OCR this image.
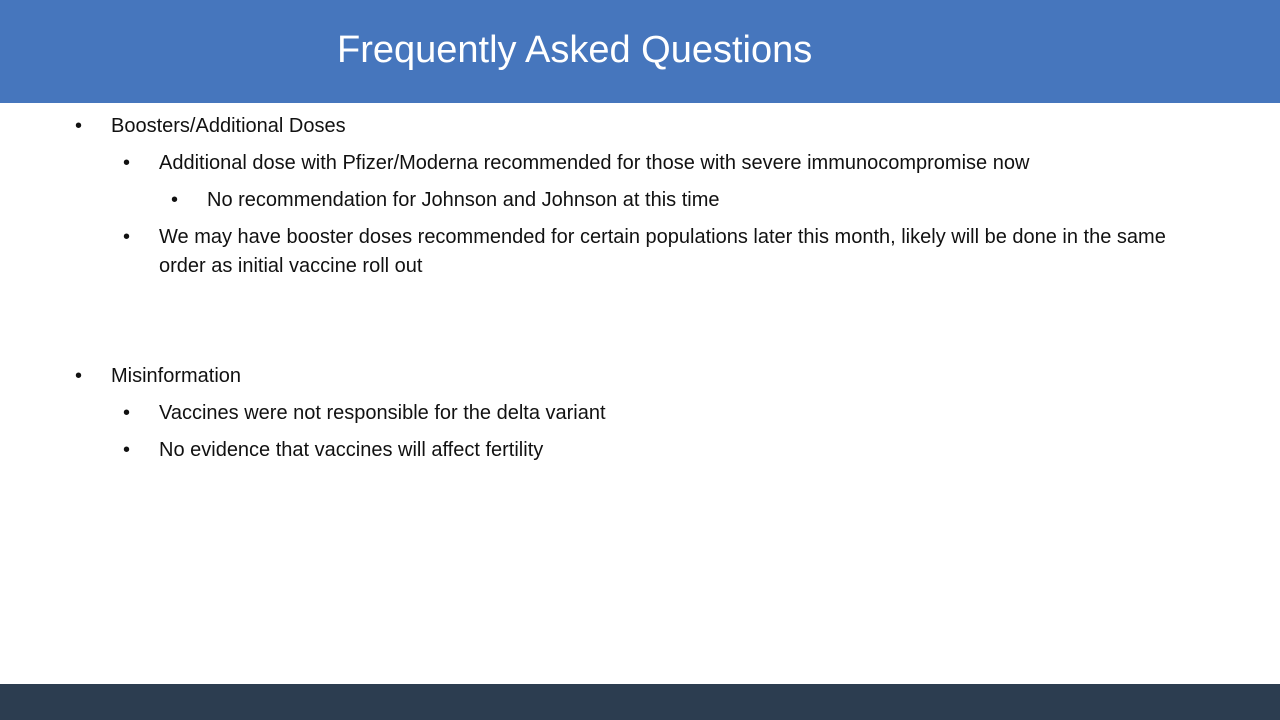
Frequently Asked Questions
• Boosters/Additional Doses
• Additional dose with Pfizer/Moderna recommended for those with severe immunocompromise now
• No recommendation for Johnson and Johnson at this time
• We may have booster doses recommended for certain populations later this month, likely will be done in the same order as initial vaccine roll out
• Misinformation
• Vaccines were not responsible for the delta variant
• No evidence that vaccines will affect fertility
